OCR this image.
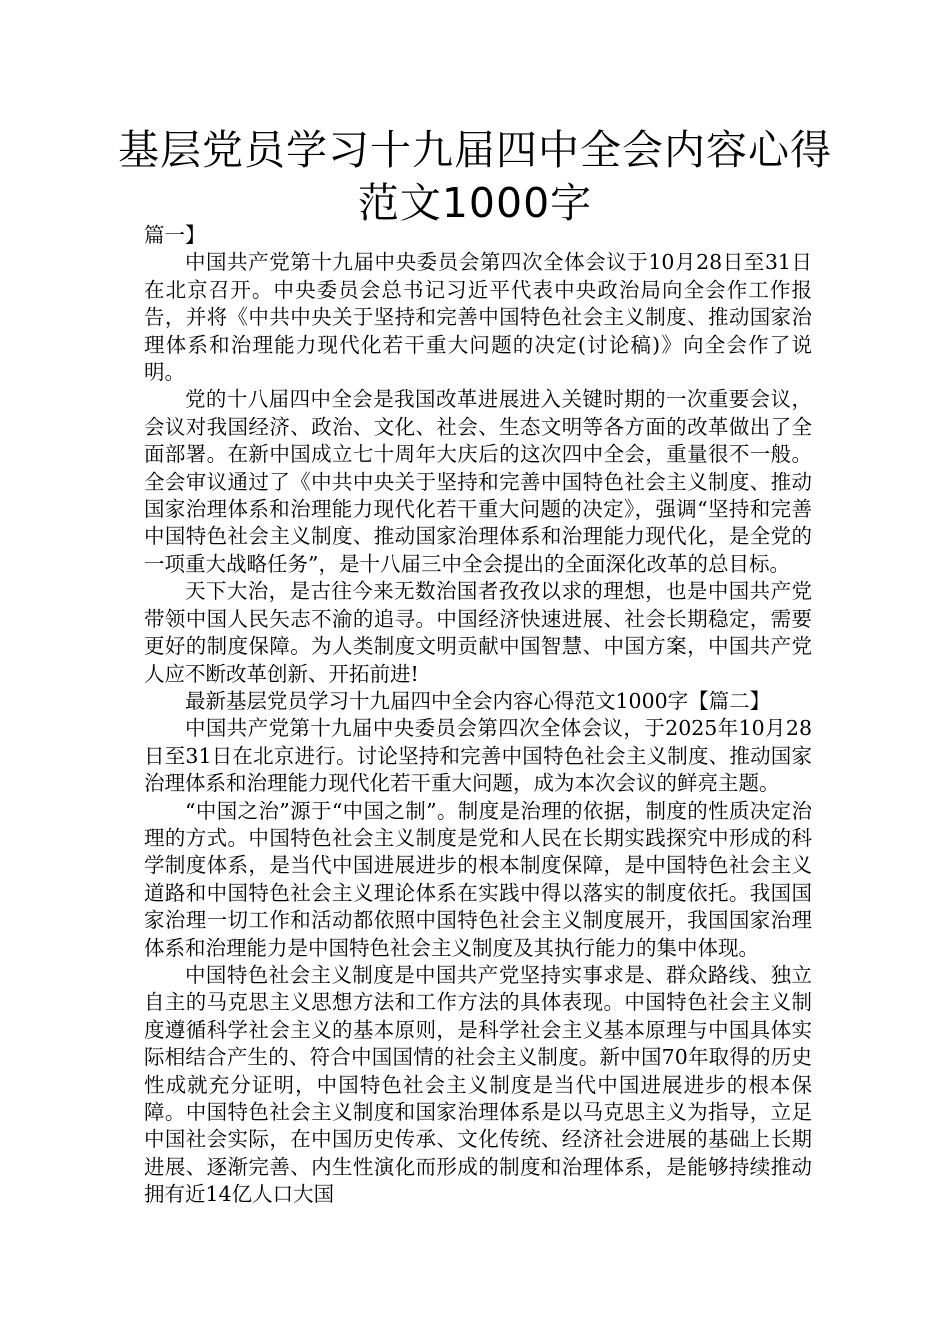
基层党员学习十九届四中全会内容心得范文1000字

篇一】

中国共产党第十九届中央委员会第四次全体会议于10月28日至31日在北京召开。中央委员会总书记习近平代表中央政治局向全会作工作报告，并将《中共中央关于坚持和完善中国特色社会主义制度、推动国家治理体系和治理能力现代化若干重大问题的决定(讨论稿)》向全会作了说明。

党的十八届四中全会是我国改革进展进入关键时期的一次重要会议，会议对我国经济、政治、文化、社会、生态文明等各方面的改革做出了全面部署。在新中国成立七十周年大庆后的这次四中全会，重量很不一般。全会审议通过了《中共中央关于坚持和完善中国特色社会主义制度、推动国家治理体系和治理能力现代化若干重大问题的决定》，强调“坚持和完善中国特色社会主义制度、推动国家治理体系和治理能力现代化，是全党的一项重大战略任务”，是十八届三中全会提出的全面深化改革的总目标。

天下大治，是古往今来无数治国者孜孜以求的理想，也是中国共产党带领中国人民矢志不渝的追寻。中国经济快速进展、社会长期稳定，需要更好的制度保障。为人类制度文明贡献中国智慧、中国方案，中国共产党人应不断改革创新、开拓前进!

最新基层党员学习十九届四中全会内容心得范文1000字【篇二】

中国共产党第十九届中央委员会第四次全体会议，于2025年10月28日至31日在北京进行。讨论坚持和完善中国特色社会主义制度、推动国家治理体系和治理能力现代化若干重大问题，成为本次会议的鲜亮主题。

“中国之治”源于“中国之制”。制度是治理的依据，制度的性质决定治理的方式。中国特色社会主义制度是党和人民在长期实践探究中形成的科学制度体系，是当代中国进展进步的根本制度保障，是中国特色社会主义道路和中国特色社会主义理论体系在实践中得以落实的制度依托。我国国家治理一切工作和活动都依照中国特色社会主义制度展开，我国国家治理体系和治理能力是中国特色社会主义制度及其执行能力的集中体现。

中国特色社会主义制度是中国共产党坚持实事求是、群众路线、独立自主的马克思主义思想方法和工作方法的具体表现。中国特色社会主义制度遵循科学社会主义的基本原则，是科学社会主义基本原理与中国具体实际相结合产生的、符合中国国情的社会主义制度。新中国70年取得的历史性成就充分证明，中国特色社会主义制度是当代中国进展进步的根本保障。中国特色社会主义制度和国家治理体系是以马克思主义为指导，立足中国社会实际，在中国历史传承、文化传统、经济社会进展的基础上长期进展、逐渐完善、内生性演化而形成的制度和治理体系，是能够持续推动拥有近14亿人口大国
